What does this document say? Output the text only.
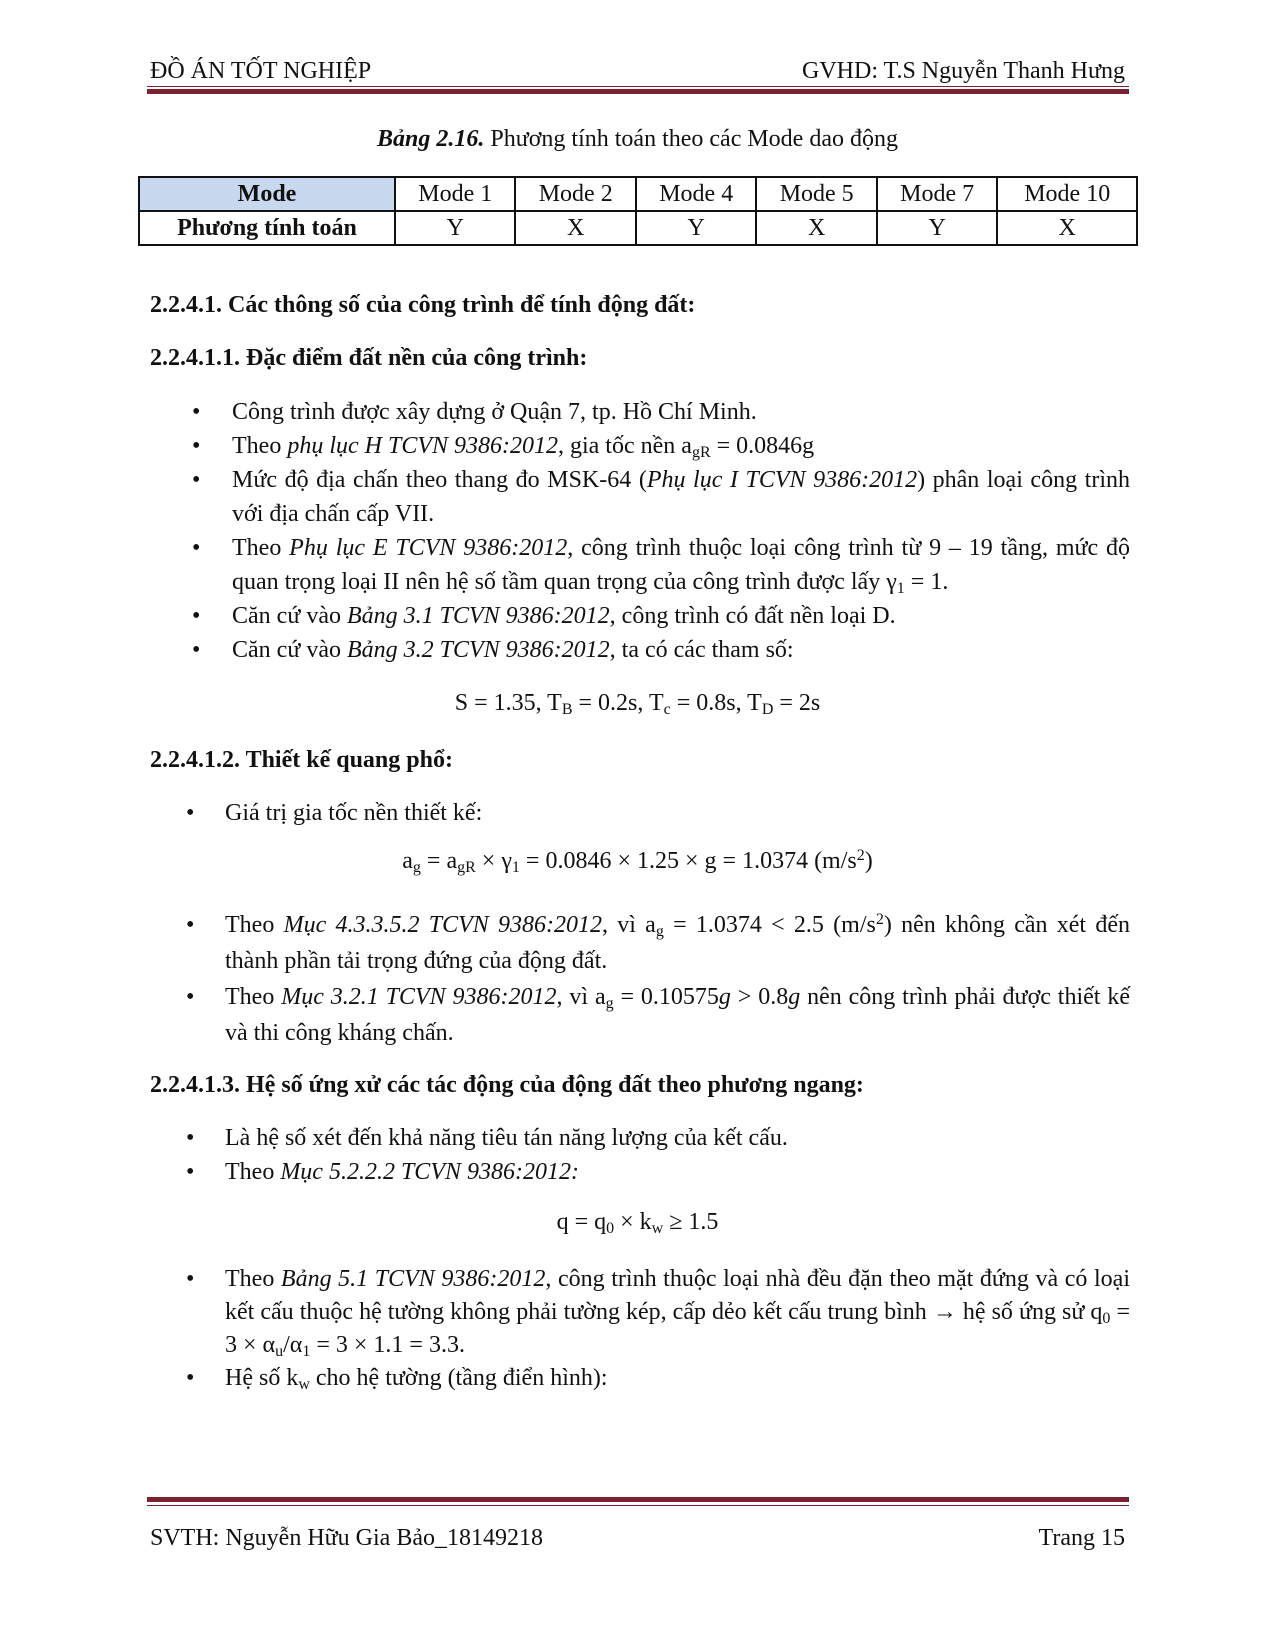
ĐỒ ÁN TỐT NGHIỆP	GVHD: T.S Nguyễn Thanh Hưng
Bảng 2.16. Phương tính toán theo các Mode dao động
Mode	Mode 1	Mode 2	Mode 4	Mode 5	Mode 7	Mode 10
Phương tính toán	Y	X	Y	X	Y	X
2.2.4.1. Các thông số của công trình để tính động đất:
2.2.4.1.1. Đặc điểm đất nền của công trình:
• Công trình được xây dựng ở Quận 7, tp. Hồ Chí Minh.
• Theo phụ lục H TCVN 9386:2012, gia tốc nền $a_{gR} = 0.0846g$
• Mức độ địa chấn theo thang đo MSK-64 (Phụ lục I TCVN 9386:2012) phân loại công trình với địa chấn cấp VII.
• Theo Phụ lục E TCVN 9386:2012, công trình thuộc loại công trình từ 9 – 19 tầng, mức độ quan trọng loại II nên hệ số tầm quan trọng của công trình được lấy $\gamma_1 = 1$.
• Căn cứ vào Bảng 3.1 TCVN 9386:2012, công trình có đất nền loại D.
• Căn cứ vào Bảng 3.2 TCVN 9386:2012, ta có các tham số:
S = 1.35, $T_B = 0.2s$, $T_c = 0.8s$, $T_D = 2s$
2.2.4.1.2. Thiết kế quang phổ:
• Giá trị gia tốc nền thiết kế:
$a_g = a_{gR} \times \gamma_1 = 0.0846 \times 1.25 \times g = 1.0374$ $(m/s^2)$
• Theo Mục 4.3.3.5.2 TCVN 9386:2012, vì $a_g = 1.0374 < 2.5$ $(m/s^2)$ nên không cần xét đến thành phần tải trọng đứng của động đất.
• Theo Mục 3.2.1 TCVN 9386:2012, vì $a_g = 0.10575g > 0.8g$ nên công trình phải được thiết kế và thi công kháng chấn.
2.2.4.1.3. Hệ số ứng xử các tác động của động đất theo phương ngang:
• Là hệ số xét đến khả năng tiêu tán năng lượng của kết cấu.
• Theo Mục 5.2.2.2 TCVN 9386:2012:
$q = q_0 \times k_w \ge 1.5$
• Theo Bảng 5.1 TCVN 9386:2012, công trình thuộc loại nhà đều đặn theo mặt đứng và có loại kết cấu thuộc hệ tường không phải tường kép, cấp dẻo kết cấu trung bình → hệ số ứng sử $q_0 = 3 \times \alpha_u/\alpha_1 = 3 \times 1.1 = 3.3$.
• Hệ số $k_w$ cho hệ tường (tầng điển hình):
SVTH: Nguyễn Hữu Gia Bảo_18149218	Trang 15
